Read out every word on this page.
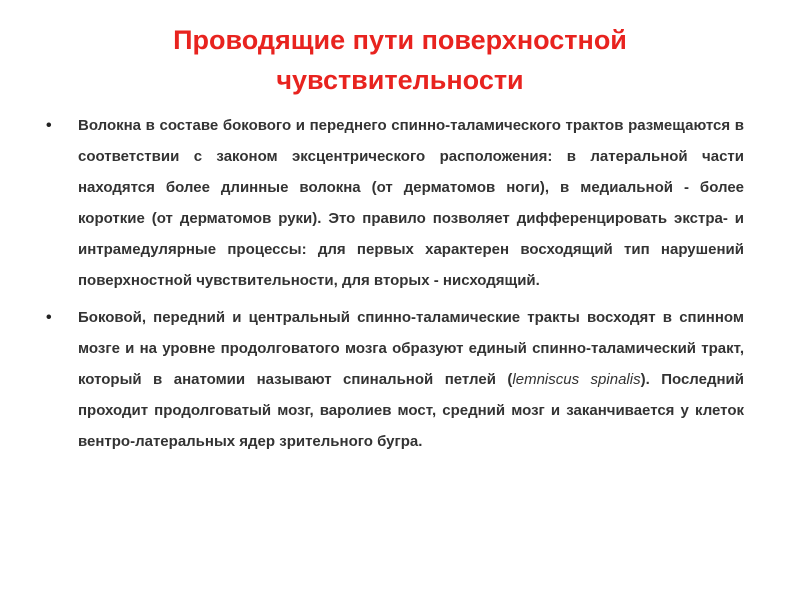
Проводящие пути поверхностной
чувствительности

• Волокна в составе бокового и переднего спинно-таламического трактов размещаются в соответствии с законом эксцентрического расположения: в латеральной части находятся более длинные волокна (от дерматомов ноги), в медиальной - более короткие (от дерматомов руки). Это правило позволяет дифференцировать экстра- и интрамедулярные процессы: для первых характерен восходящий тип нарушений поверхностной чувствительности, для вторых - нисходящий.

• Боковой, передний и центральный спинно-таламические тракты восходят в спинном мозге и на уровне продолговатого мозга образуют единый спинно-таламический тракт, который в анатомии называют спинальной петлей (lemniscus spinalis). Последний проходит продолговатый мозг, варолиев мост, средний мозг и заканчивается у клеток вентро-латеральных ядер зрительного бугра.
